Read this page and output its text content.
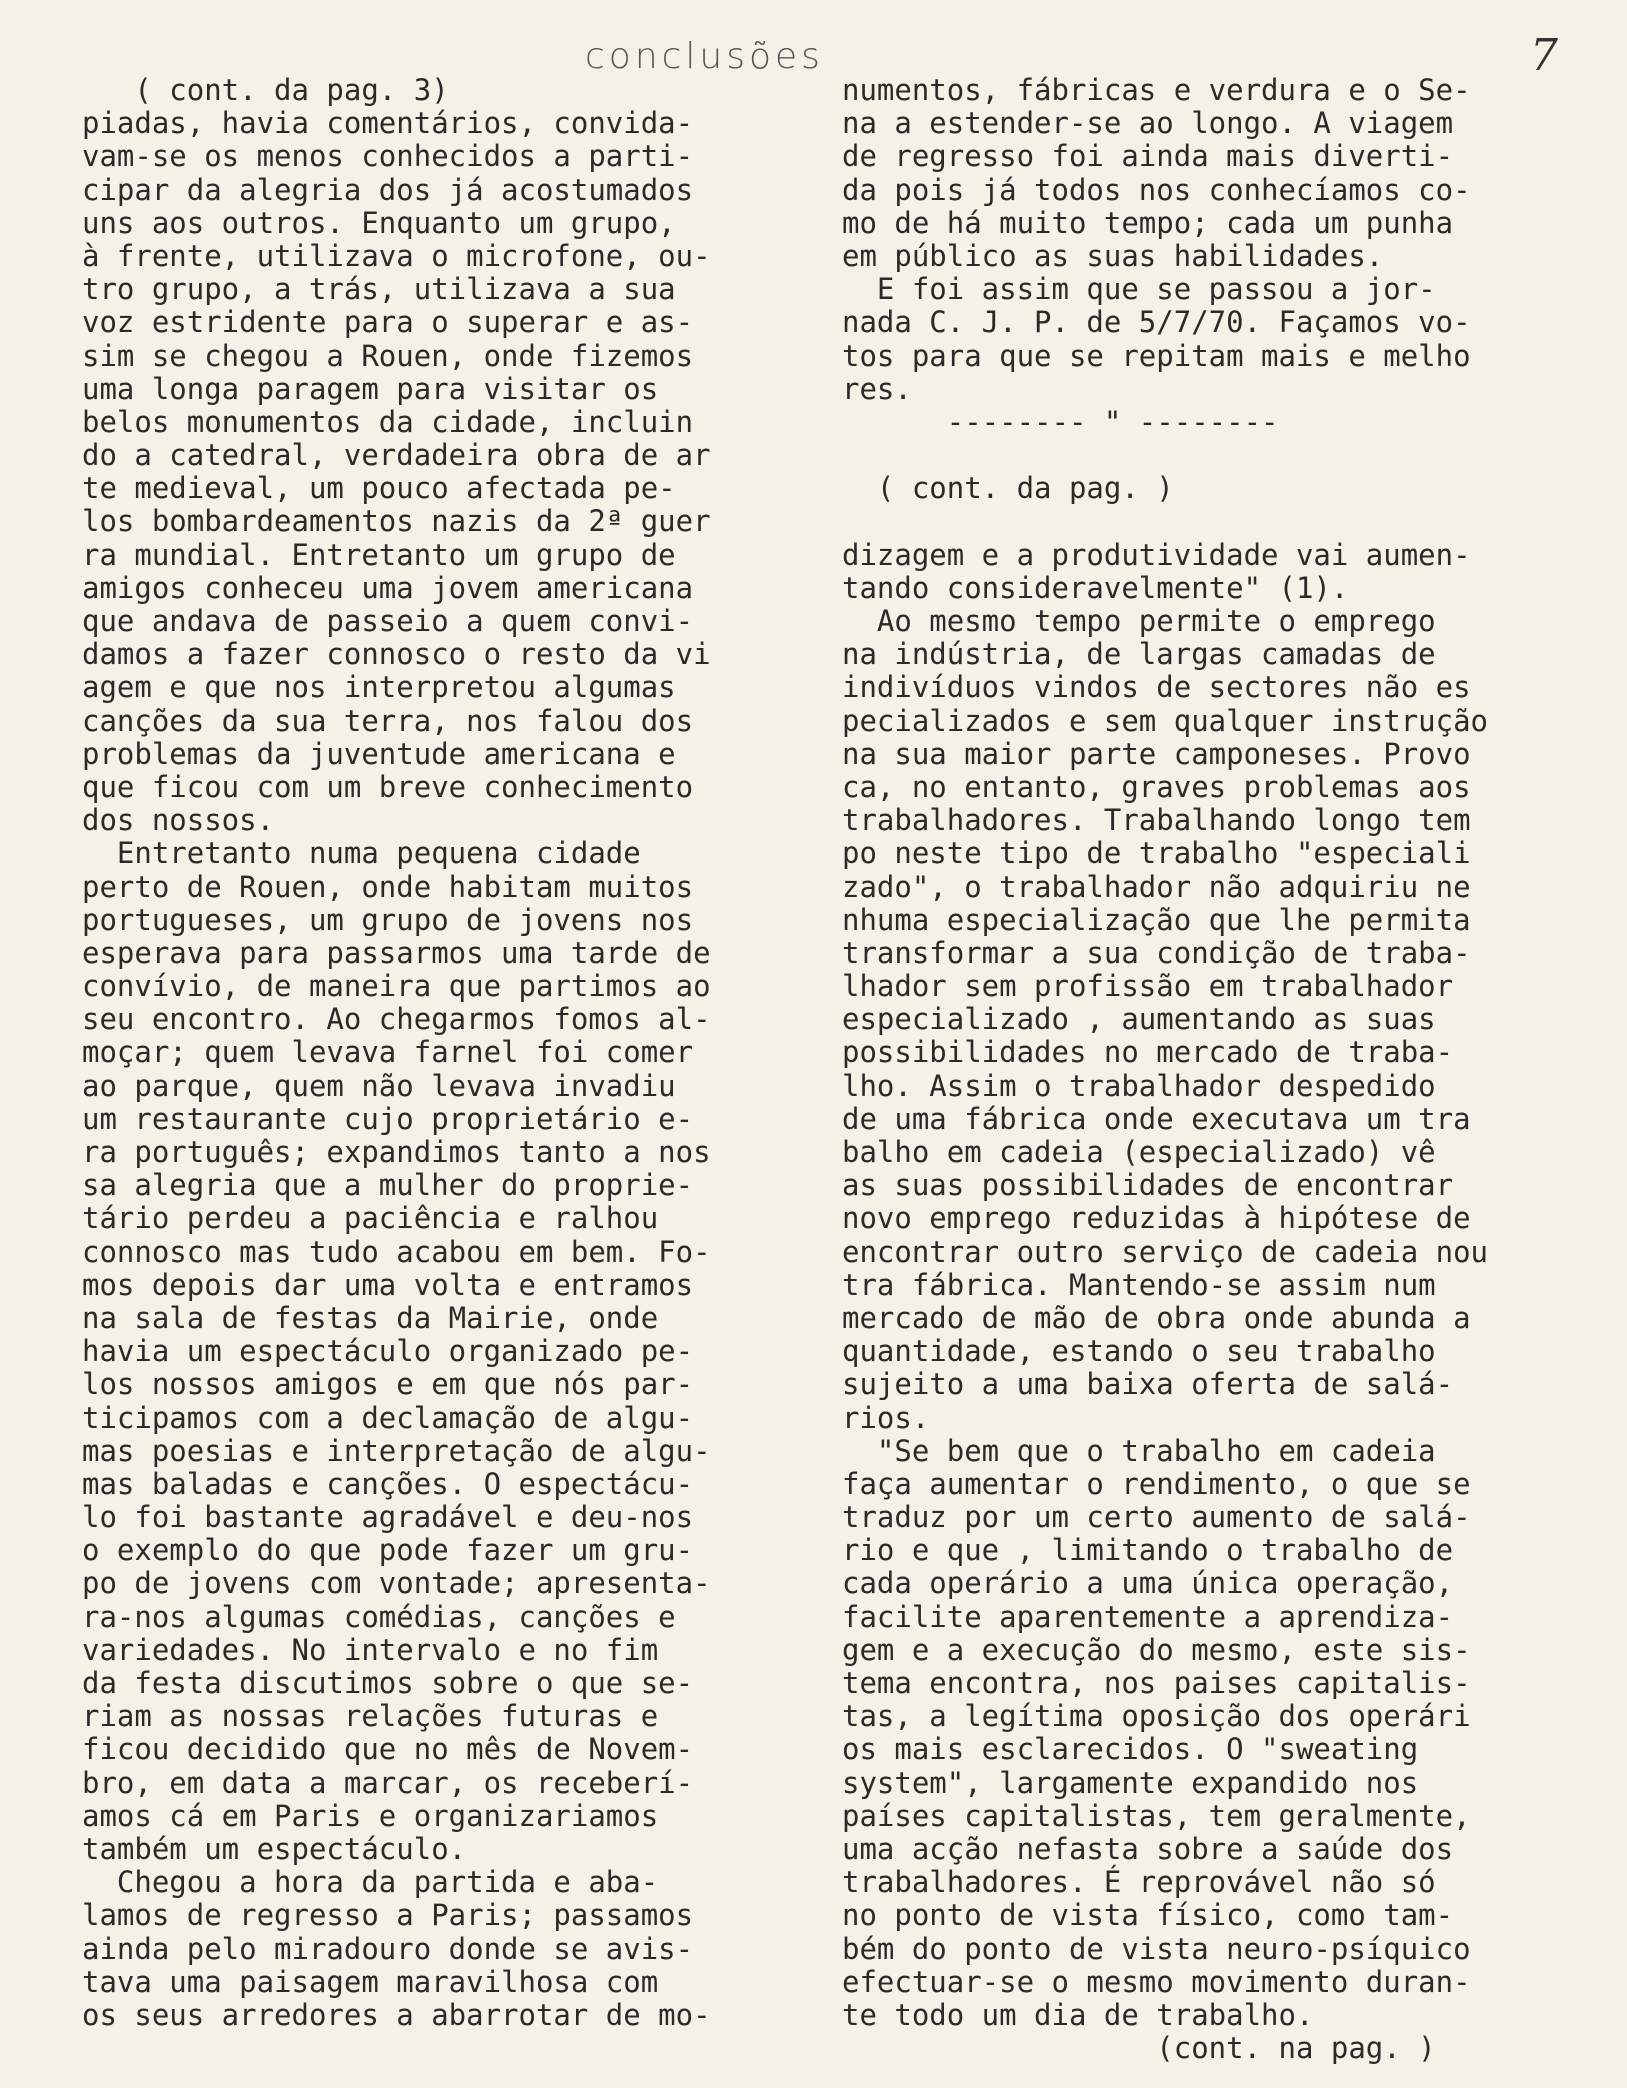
conclusões	7
( cont. da pag. 3)
piadas, havia comentários, convida-
vam-se os menos conhecidos a parti-
cipar da alegria dos já acostumados
uns aos outros. Enquanto um grupo,
à frente, utilizava o microfone, ou-
tro grupo, a trás, utilizava a sua
voz estridente para o superar e as-
sim se chegou a Rouen, onde fizemos
uma longa paragem para visitar os
belos monumentos da cidade, incluin
do a catedral, verdadeira obra de ar
te medieval, um pouco afectada pe-
los bombardeamentos nazis da 2ª guer
ra mundial. Entretanto um grupo de
amigos conheceu uma jovem americana
que andava de passeio a quem convi-
damos a fazer connosco o resto da vi
agem e que nos interpretou algumas
canções da sua terra, nos falou dos
problemas da juventude americana e
que ficou com um breve conhecimento
dos nossos.
Entretanto numa pequena cidade
perto de Rouen, onde habitam muitos
portugueses, um grupo de jovens nos
esperava para passarmos uma tarde de
convívio, de maneira que partimos ao
seu encontro. Ao chegarmos fomos al-
moçar; quem levava farnel foi comer
ao parque, quem não levava invadiu
um restaurante cujo proprietário e-
ra português; expandimos tanto a nos
sa alegria que a mulher do proprie-
tário perdeu a paciência e ralhou
connosco mas tudo acabou em bem. Fo-
mos depois dar uma volta e entramos
na sala de festas da Mairie, onde
havia um espectáculo organizado pe-
los nossos amigos e em que nós par-
ticipamos com a declamação de algu-
mas poesias e interpretação de algu-
mas baladas e canções. O espectácu-
lo foi bastante agradável e deu-nos
o exemplo do que pode fazer um gru-
po de jovens com vontade; apresenta-
ra-nos algumas comédias, canções e
variedades. No intervalo e no fim
da festa discutimos sobre o que se-
riam as nossas relações futuras e
ficou decidido que no mês de Novem-
bro, em data a marcar, os receberí-
amos cá em Paris e organizariamos
também um espectáculo.
Chegou a hora da partida e aba-
lamos de regresso a Paris; passamos
ainda pelo miradouro donde se avis-
tava uma paisagem maravilhosa com
os seus arredores a abarrotar de mo-
numentos, fábricas e verdura e o Se-
na a estender-se ao longo. A viagem
de regresso foi ainda mais diverti-
da pois já todos nos conhecíamos co-
mo de há muito tempo; cada um punha
em público as suas habilidades.
E foi assim que se passou a jor-
nada C. J. P. de 5/7/70. Façamos vo-
tos para que se repitam mais e melho
res.
-------- " --------
( cont. da pag. )
dizagem e a produtividade vai aumen-
tando consideravelmente" (1).
Ao mesmo tempo permite o emprego
na indústria, de largas camadas de
indivíduos vindos de sectores não es
pecializados e sem qualquer instrução
na sua maior parte camponeses. Provo
ca, no entanto, graves problemas aos
trabalhadores. Trabalhando longo tem
po neste tipo de trabalho "especiali
zado", o trabalhador não adquiriu ne
nhuma especialização que lhe permita
transformar a sua condição de traba-
lhador sem profissão em trabalhador
especializado , aumentando as suas
possibilidades no mercado de traba-
lho. Assim o trabalhador despedido
de uma fábrica onde executava um tra
balho em cadeia (especializado) vê
as suas possibilidades de encontrar
novo emprego reduzidas à hipótese de
encontrar outro serviço de cadeia nou
tra fábrica. Mantendo-se assim num
mercado de mão de obra onde abunda a
quantidade, estando o seu trabalho
sujeito a uma baixa oferta de salá-
rios.
"Se bem que o trabalho em cadeia
faça aumentar o rendimento, o que se
traduz por um certo aumento de salá-
rio e que , limitando o trabalho de
cada operário a uma única operação,
facilite aparentemente a aprendiza-
gem e a execução do mesmo, este sis-
tema encontra, nos paises capitalis-
tas, a legítima oposição dos operári
os mais esclarecidos. O "sweating
system", largamente expandido nos
países capitalistas, tem geralmente,
uma acção nefasta sobre a saúde dos
trabalhadores. É reprovável não só
no ponto de vista físico, como tam-
bém do ponto de vista neuro-psíquico
efectuar-se o mesmo movimento duran-
te todo um dia de trabalho.
(cont. na pag. )
